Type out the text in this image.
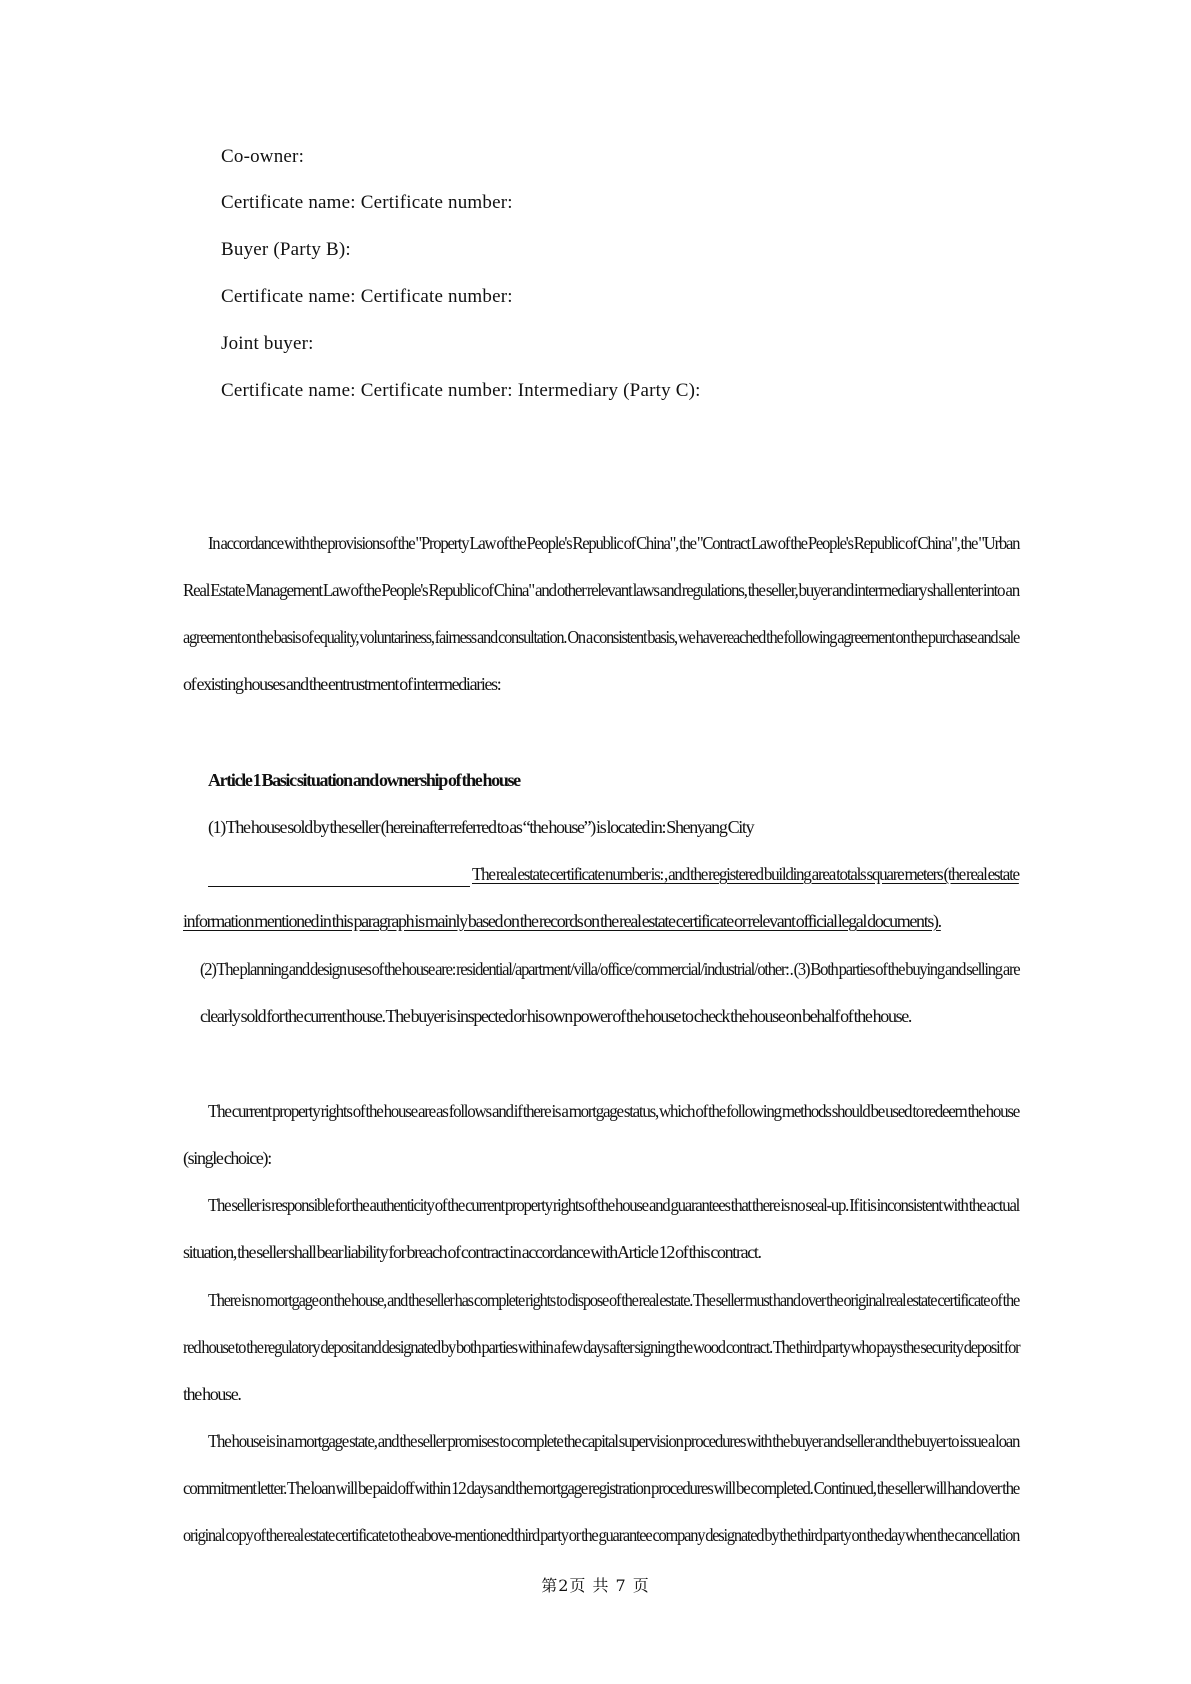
Co-owner:
Certificate name: Certificate number:
Buyer (Party B):
Certificate name: Certificate number:
Joint buyer:
Certificate name: Certificate number: Intermediary (Party C):
In accordance with the provisions of the "Property Law of the People's Republic of China", the "Contract Law of the People's Republic of China", the "Urban
Real Estate Management Law of the People's Republic of China" and other relevant laws and regulations, the seller, buyer and intermediary shall enter into an
agreement on the basis of equality, voluntariness, fairness and consultation. On a consistent basis, we have reached the following agreement on the purchase and sale
of existing houses and the entrustment of intermediaries:
Article 1 Basic situation and ownership of the house
(1) The house sold by the seller (hereinafter referred to as “the house”) is located in: Shenyang City
The real estate certificate number is: , and the registered building area totals square meters (the real estate
information mentioned in this paragraph is mainly based on the records on the real estate certificate or relevant official legal documents).
(2) The planning and design uses of the house are: residential/apartment/villa/office/commercial/industrial/other: . (3) Both parties of the buying and selling are
clearly sold for the current house. The buyer is inspected or his own power of the house to check the house on behalf of the house.
The current property rights of the house are as follows and if there is a mortgage status, which of the following methods should be used to redeem the house
(single choice):
The seller is responsible for the authenticity of the current property rights of the house and guarantees that there is no seal-up. If it is inconsistent with the actual
situation, the seller shall bear liability for breach of contract in accordance with Article 12 of this contract.
There is no mortgage on the house, and the seller has complete rights to dispose of the real estate. The seller must hand over the original real estate certificate of the
red house to the regulatory deposit and designated by both parties within a few days after signing the wood contract. The third party who pays the security deposit for
the house.
The house is in a mortgage state, and the seller promises to complete the capital supervision procedures with the buyer and seller and the buyer to issue a loan
commitment letter. The loan will be paid off within 12 days and the mortgage registration procedures will be completed. Continued, the seller will hand over the
original copy of the real estate certificate to the above-mentioned third party or the guarantee company designated by the third party on the day when the cancellation
第2页 共 7 页
